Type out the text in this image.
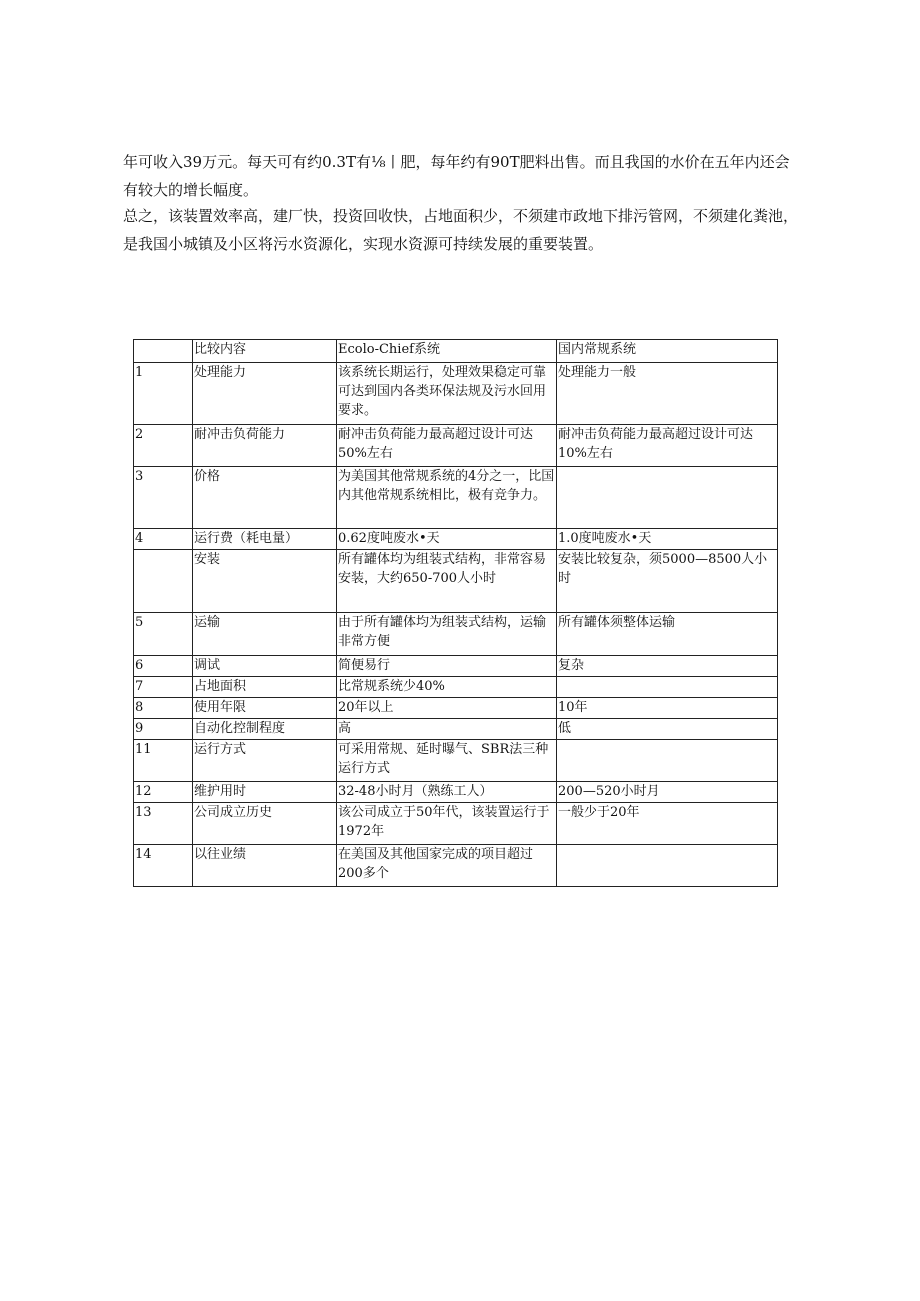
年可收入39万元。每天可有约0.3T有⅛丨肥，每年约有90T肥料出售。而且我国的水价在五年内还会有较大的增长幅度。

总之，该装置效率高，建厂快，投资回收快，占地面积少，不须建市政地下排污管网，不须建化粪池，是我国小城镇及小区将污水资源化，实现水资源可持续发展的重要装置。

	比较内容	Ecolo-Chief系统	国内常规系统
1	处理能力	该系统长期运行，处理效果稳定可靠可达到国内各类环保法规及污水回用要求。	处理能力一般
2	耐冲击负荷能力	耐冲击负荷能力最高超过设计可达50%左右	耐冲击负荷能力最高超过设计可达10%左右
3	价格	为美国其他常规系统的4分之一，比国内其他常规系统相比，极有竞争力。	
4	运行费（耗电量）	0.62度吨废水•天	1.0度吨废水•天
	安装	所有罐体均为组装式结构，非常容易安装，大约650-700人小时	安装比较复杂，须5000—8500人小时
5	运输	由于所有罐体均为组装式结构，运输非常方便	所有罐体须整体运输
6	调试	简便易行	复杂
7	占地面积	比常规系统少40%	
8	使用年限	20年以上	10年
9	自动化控制程度	高	低
11	运行方式	可采用常规、延时曝气、SBR法三种运行方式	
12	维护用时	32-48小时月（熟练工人）	200—520小时月
13	公司成立历史	该公司成立于50年代，该装置运行于1972年	一般少于20年
14	以往业绩	在美国及其他国家完成的项目超过200多个	
